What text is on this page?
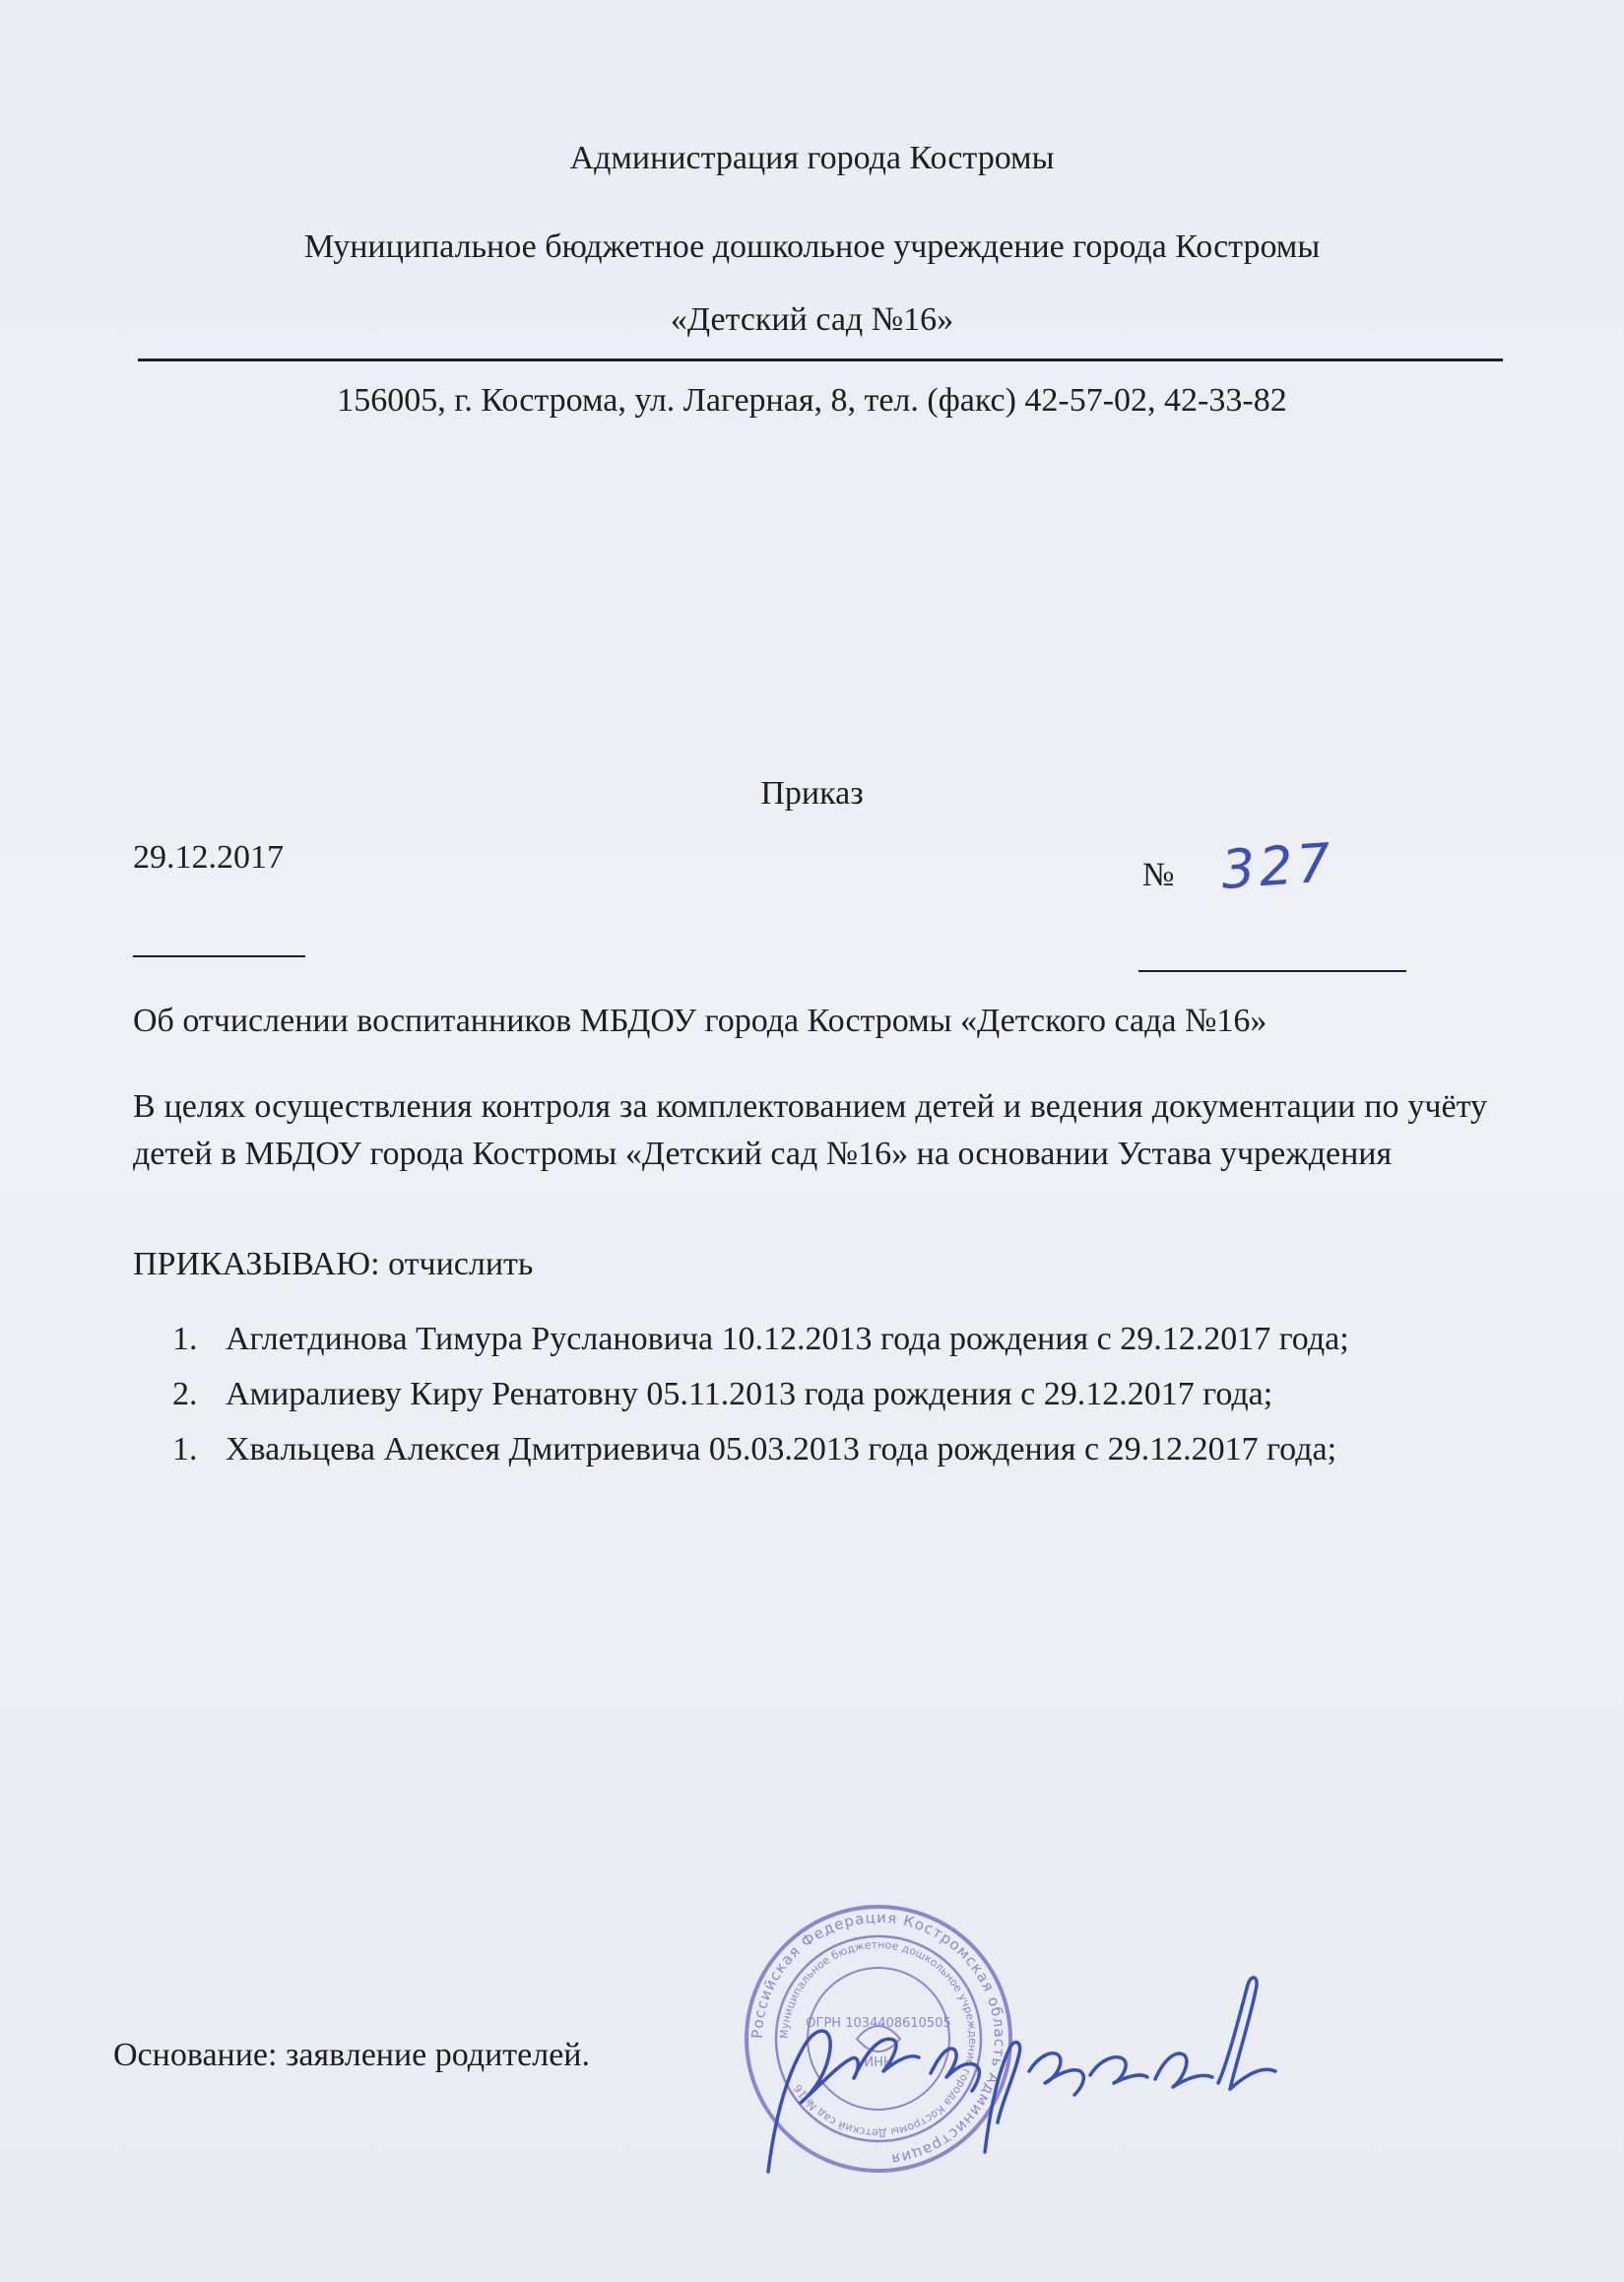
Администрация города Костромы
Муниципальное бюджетное дошкольное учреждение города Костромы
«Детский сад №16»
156005, г. Кострома, ул. Лагерная, 8, тел. (факс) 42-57-02, 42-33-82
Приказ
29.12.2017	№ 327
Об отчислении воспитанников МБДОУ города Костромы «Детского сада №16»
В целях осуществления контроля за комплектованием детей и ведения документации по учёту детей в МБДОУ города Костромы «Детский сад №16» на основании Устава учреждения
ПРИКАЗЫВАЮ: отчислить
1. Аглетдинова Тимура Руслановича 10.12.2013 года рождения с 29.12.2017 года;
2. Амиралиеву Киру Ренатовну 05.11.2013 года рождения с 29.12.2017 года;
1. Хвальцева Алексея Дмитриевича 05.03.2013 года рождения с 29.12.2017 года;
Основание: заявление родителей.
Российская Федерация Костромская область Администрация
Муниципальное бюджетное дошкольное учреждение города Костромы Детский сад № 16
ОГРН 1034408610505
ИНН
